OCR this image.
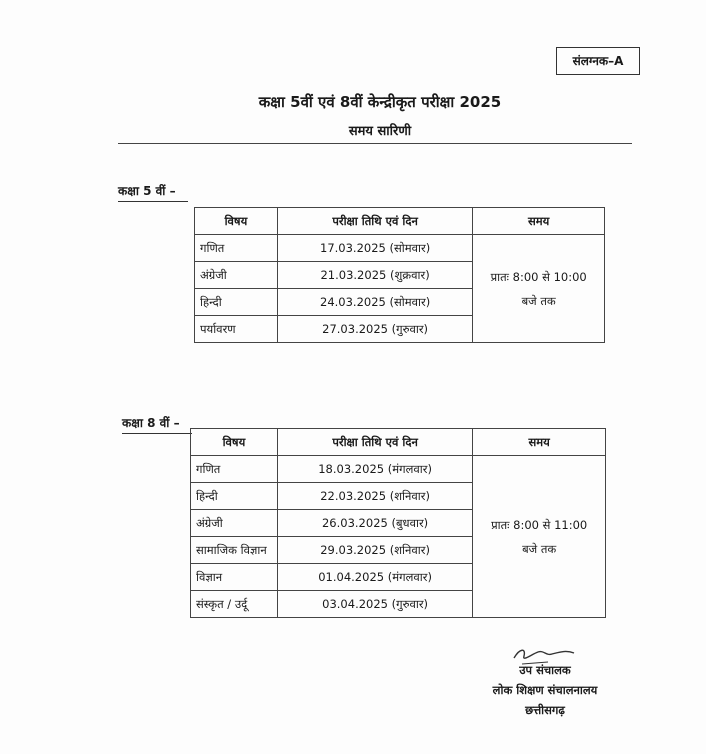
संलग्नक–A
कक्षा 5वीं एवं 8वीं केन्द्रीकृत परीक्षा 2025
समय सारिणी
कक्षा 5 वीं –
विषय	परीक्षा तिथि एवं दिन	समय
गणित	17.03.2025 (सोमवार)	प्रातः 8:00 से 10:00
बजे तक

अंग्रेजी	21.03.2025 (शुक्रवार)	
हिन्दी	24.03.2025 (सोमवार)	
पर्यावरण	27.03.2025 (गुरुवार)	
कक्षा 8 वीं –
विषय	परीक्षा तिथि एवं दिन	समय
गणित	18.03.2025 (मंगलवार)	प्रातः 8:00 से 11:00
बजे तक

हिन्दी	22.03.2025 (शनिवार)	
अंग्रेजी	26.03.2025 (बुधवार)	
सामाजिक विज्ञान	29.03.2025 (शनिवार)	
विज्ञान	01.04.2025 (मंगलवार)	
संस्कृत / उर्दू	03.04.2025 (गुरुवार)	
उप संचालक
लोक शिक्षण संचालनालय
छत्तीसगढ़
